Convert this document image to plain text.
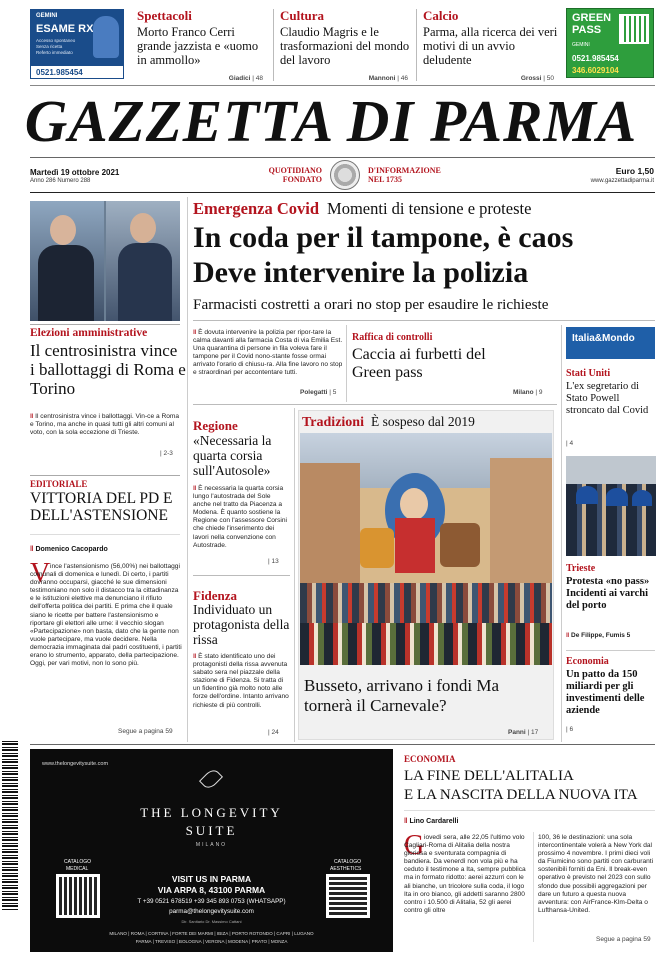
GEMINI
ESAME RX
Accesso spontaneo
Senza ricetta
Referto immediato
0521.985454
Spettacoli
Morto Franco Cerri grande jazzista e «uomo in ammollo»
Giadici | 48
Cultura
Claudio Magris e le trasformazioni del mondo del lavoro
Mannoni | 46
Calcio
Parma, alla ricerca dei veri motivi di un avvio deludente
Grossi | 50
GREEN
PASS
GEMINI
0521.985454
346.6029104
GAZZETTA DI PARMA
Martedì 19 ottobre 2021
Anno 286 Numero 288
QUOTIDIANO
FONDATO
D'INFORMAZIONE
NEL 1735
Euro 1,50
www.gazzettadiparma.it
Elezioni amministrative
Il centrosinistra vince i ballottaggi di Roma e Torino
‖ Il centrosinistra vince i ballottaggi. Vin-ce a Roma e Torino, ma anche in quasi tutti gli altri comuni al voto, con la sola eccezione di Trieste.
| 2-3
EDITORIALE
VITTORIA DEL PD E DELL'ASTENSIONE
‖ Domenico Cacopardo
V ince l'astensionismo (56,00%) nei ballottaggi comunali di domenica e lunedì. Di certo, i partiti dovranno occuparsi, giacché le sue dimensioni testimoniano non solo il distacco tra la cittadinanza e le istituzioni elettive ma denunciano il rifiuto dell'offerta politica dei partiti. E prima che il quale siano le ricette per battere l'astensionismo e riportare gli elettori alle urne: il vecchio slogan «Partecipazione» non basta, dato che la gente non vuole partecipare, ma vuole decidere. Nella democrazia immaginata dai padri costituenti, i partiti erano lo strumento, apparato, della partecipazione. Oggi, per vari motivi, non lo sono più.
Segue a pagina 59
Emergenza Covid Momenti di tensione e proteste
In coda per il tampone, è caos
Deve intervenire la polizia
Farmacisti costretti a orari no stop per esaudire le richieste
‖ È dovuta intervenire la polizia per ripor-tare la calma davanti alla farmacia Costa di via Emilia Est. Una quarantina di persone in fila voleva fare il tampone per il Covid nono-stante fosse ormai arrivato l'orario di chiusu-ra. Alla fine lavoro no stop e straordinari per accontentare tutti.
Polegatti | 5
Raffica di controlli
Caccia ai furbetti del Green pass
Milano | 9
Regione
«Necessaria la quarta corsia sull'Autosole»
‖ È necessaria la quarta corsia lungo l'autostrada del Sole anche nel tratto da Piacenza a Modena. È quanto sostiene la Regione con l'assessore Corsini che chiede l'inserimento dei lavori nella convenzione con Autostrade.
| 13
Fidenza
Individuato un protagonista della rissa
‖ È stato identificato uno dei protagonisti della rissa avvenuta sabato sera nel piazzale della stazione di Fidenza. Si tratta di un fidentino già molto noto alle forze dell'ordine. Intanto arrivano richieste di più controlli.
| 24
Tradizioni È sospeso dal 2019
Busseto, arrivano i fondi Ma tornerà il Carnevale?
Panni | 17
Italia&Mondo
Stati Uniti
L'ex segretario di Stato Powell stroncato dal Covid
| 4
Trieste
Protesta «no pass» Incidenti ai varchi del porto
‖ De Filippe, Fumis 5
Economia
Un patto da 150 miliardi per gli investimenti delle aziende
| 6
www.thelongevitysuite.com
THE LONGEVITY
SUITE
MILANO
CATALOGO
MEDICAL
VISIT US IN PARMA
VIA ARPA 8, 43100 PARMA
T +39 0521 678519 +39 345 893 0753 (WHATSAPP)
parma@thelongevitysuite.com
Dir. Sanitario Dr. Massimo Cattani
CATALOGO
AESTHETICS
MILANO | ROMA | CORTINA | FORTE DEI MARMI | IBIZA | PORTO ROTONDO | CAPRI | LUGANO
PARMA | TREVISO | BOLOGNA | VERONA | MODENA | PRATO | MONZA
ECONOMIA
LA FINE DELL'ALITALIA
E LA NASCITA DELLA NUOVA ITA
‖ Lino Cardarelli
G iovedì sera, alle 22,05 l'ultimo volo Cagliari-Roma di Alitalia della nostra gloriosa e sventurata compagnia di bandiera. Da venerdì non vola più e ha ceduto il testimone a Ita, sempre pubblica ma in formato ridotto: aerei azzurri con le ali bianche, un tricolore sulla coda, il logo Ita in oro bianco, gli addetti saranno 2800 contro i 10.500 di Alitalia, 52 gli aerei contro gli oltre
100, 36 le destinazioni: una sola intercontinentale volerà a New York dal prossimo 4 novembre. I primi dieci voli da Fiumicino sono partiti con carburanti sostenibili forniti da Eni. Il break-even operativo è previsto nel 2023 con sullo sfondo due possibili aggregazioni per dare un futuro a questa nuova avventura: con AirFrance-Klm-Delta o Lufthansa-United.
Segue a pagina 59
